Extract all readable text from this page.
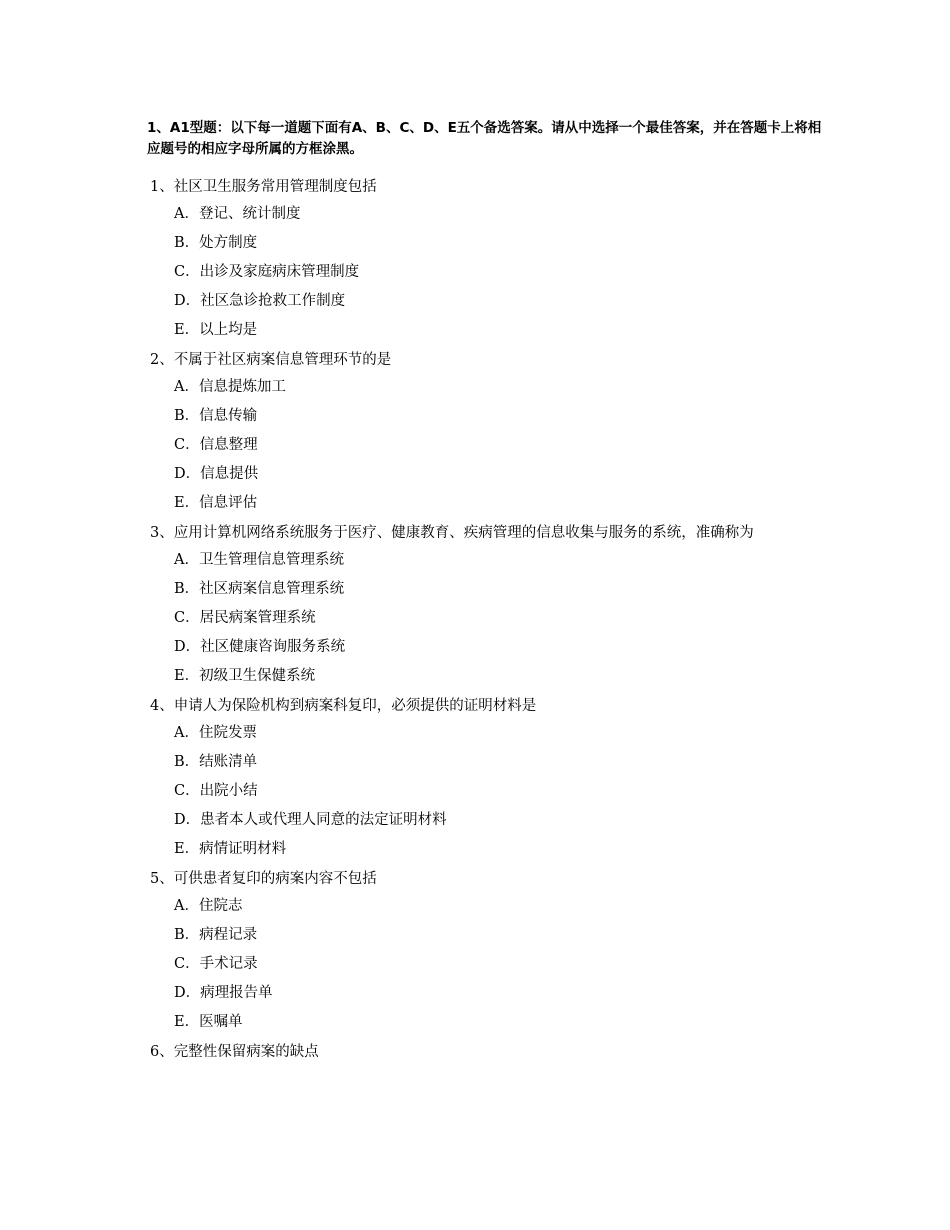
1、A1型题：以下每一道题下面有A、B、C、D、E五个备选答案。请从中选择一个最佳答案，并在答题卡上将相应题号的相应字母所属的方框涂黑。
1、社区卫生服务常用管理制度包括
A．登记、统计制度
B．处方制度
C．出诊及家庭病床管理制度
D．社区急诊抢救工作制度
E．以上均是
2、不属于社区病案信息管理环节的是
A．信息提炼加工
B．信息传输
C．信息整理
D．信息提供
E．信息评估
3、应用计算机网络系统服务于医疗、健康教育、疾病管理的信息收集与服务的系统，准确称为
A．卫生管理信息管理系统
B．社区病案信息管理系统
C．居民病案管理系统
D．社区健康咨询服务系统
E．初级卫生保健系统
4、申请人为保险机构到病案科复印，必须提供的证明材料是
A．住院发票
B．结账清单
C．出院小结
D．患者本人或代理人同意的法定证明材料
E．病情证明材料
5、可供患者复印的病案内容不包括
A．住院志
B．病程记录
C．手术记录
D．病理报告单
E．医嘱单
6、完整性保留病案的缺点
